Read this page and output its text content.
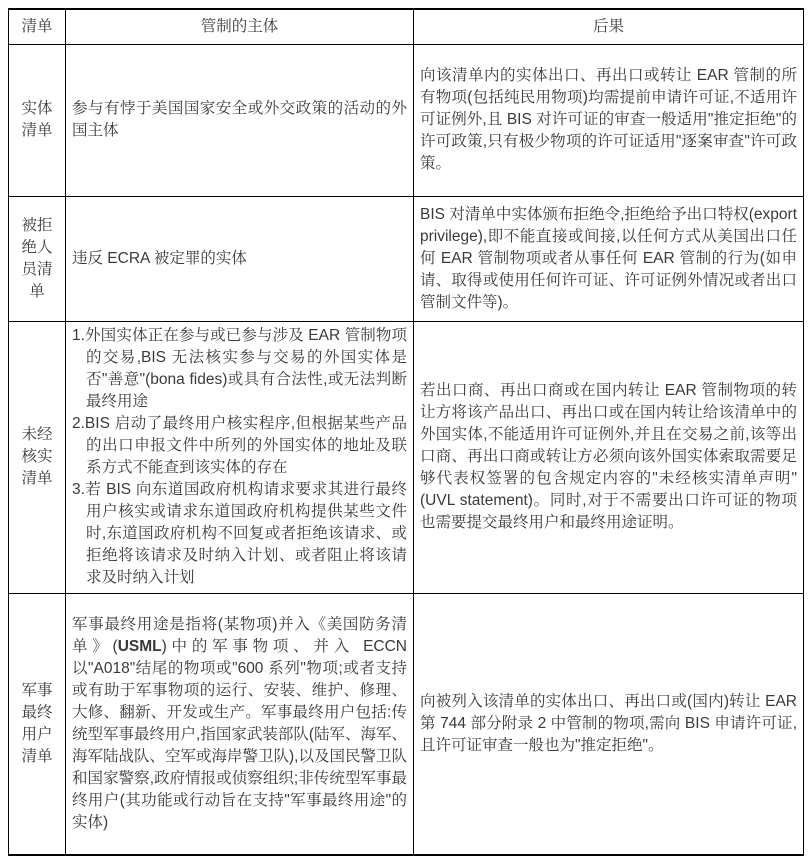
清单	管制的主体	后果

实体清单	参与有悖于美国国家安全或外交政策的活动的外国主体	向该清单内的实体出口、再出口或转让 EAR 管制的所有物项(包括纯民用物项)均需提前申请许可证,不适用许可证例外,且 BIS 对许可证的审查一般适用"推定拒绝"的许可政策,只有极少物项的许可证适用"逐案审查"许可政策。

被拒绝人员清单	违反 ECRA 被定罪的实体	BIS 对清单中实体颁布拒绝令,拒绝给予出口特权(export privilege),即不能直接或间接,以任何方式从美国出口任何 EAR 管制物项或者从事任何 EAR 管制的行为(如申请、取得或使用任何许可证、许可证例外情况或者出口管制文件等)。

未经核实清单	1.外国实体正在参与或已参与涉及 EAR 管制物项的交易,BIS 无法核实参与交易的外国实体是否"善意"(bona fides)或具有合法性,或无法判断最终用途
2.BIS 启动了最终用户核实程序,但根据某些产品的出口申报文件中所列的外国实体的地址及联系方式不能查到该实体的存在
3.若 BIS 向东道国政府机构请求要求其进行最终用户核实或请求东道国政府机构提供某些文件时,东道国政府机构不回复或者拒绝该请求、或拒绝将该请求及时纳入计划、或者阻止将该请求及时纳入计划	若出口商、再出口商或在国内转让 EAR 管制物项的转让方将该产品出口、再出口或在国内转让给该清单中的外国实体,不能适用许可证例外,并且在交易之前,该等出口商、再出口商或转让方必须向该外国实体索取需要足够代表权签署的包含规定内容的"未经核实清单声明"(UVL statement)。同时,对于不需要出口许可证的物项也需要提交最终用户和最终用途证明。

军事最终用户清单	军事最终用途是指将(某物项)并入《美国防务清单》(USML)中的军事物项、并入 ECCN 以"A018"结尾的物项或"600 系列"物项;或者支持或有助于军事物项的运行、安装、维护、修理、大修、翻新、开发或生产。军事最终用户包括:传统型军事最终用户,指国家武装部队(陆军、海军、海军陆战队、空军或海岸警卫队),以及国民警卫队和国家警察,政府情报或侦察组织;非传统型军事最终用户(其功能或行动旨在支持"军事最终用途"的实体)	向被列入该清单的实体出口、再出口或(国内)转让 EAR 第 744 部分附录 2 中管制的物项,需向 BIS 申请许可证,且许可证审查一般也为"推定拒绝"。
